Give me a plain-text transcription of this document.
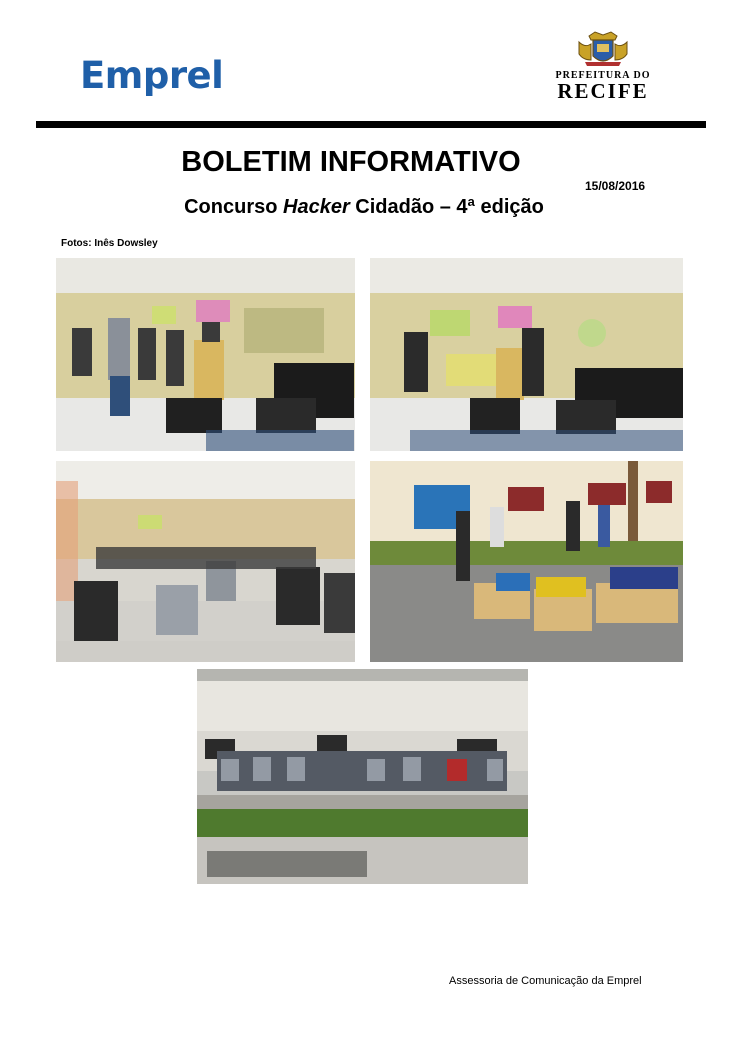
Emprel	PREFEITURA DO
RECIFE
BOLETIM INFORMATIVO
15/08/2016
Concurso Hacker Cidadão – 4ª edição
Fotos: Inês Dowsley
Assessoria de Comunicação da Emprel
